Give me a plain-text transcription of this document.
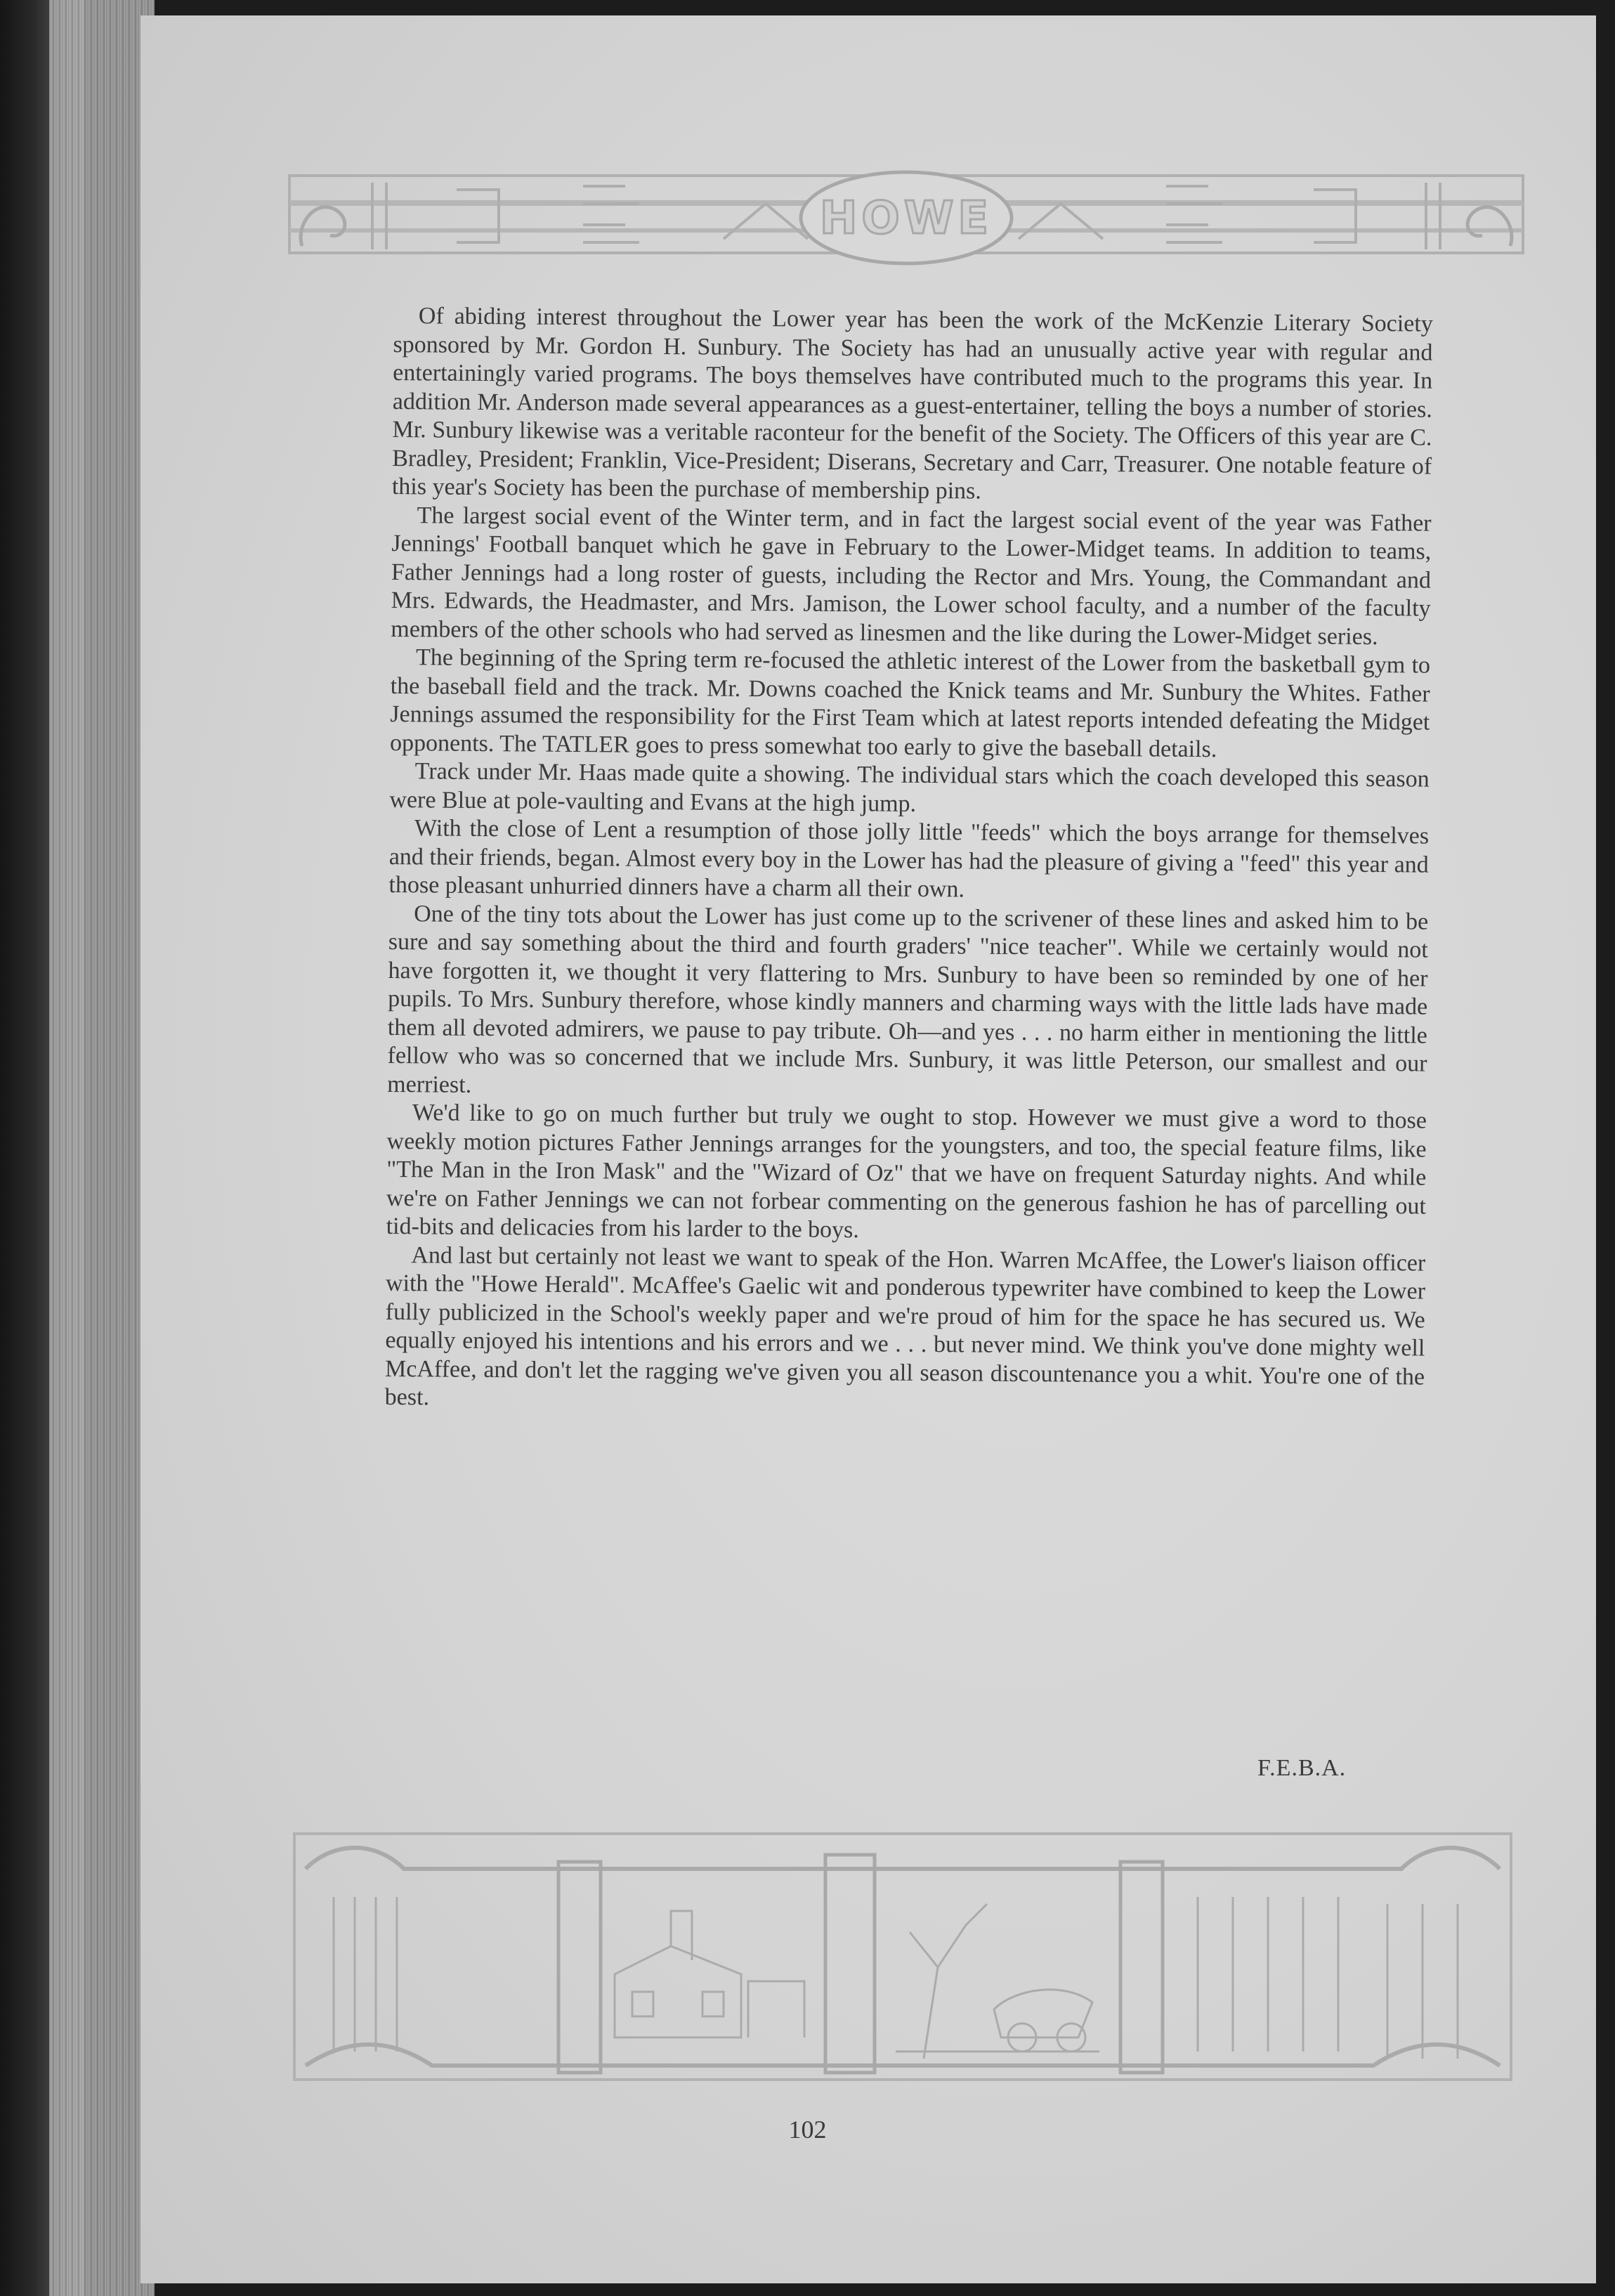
HOWE

Of abiding interest throughout the Lower year has been the work of the McKenzie Literary Society sponsored by Mr. Gordon H. Sunbury. The Society has had an unusually active year with regular and entertainingly varied programs. The boys themselves have contributed much to the programs this year. In addition Mr. Anderson made several appearances as a guest-entertainer, telling the boys a number of stories. Mr. Sunbury likewise was a veritable raconteur for the benefit of the Society. The Officers of this year are C. Bradley, President; Franklin, Vice-President; Diserans, Secretary and Carr, Treasurer. One notable feature of this year's Society has been the purchase of membership pins.

The largest social event of the Winter term, and in fact the largest social event of the year was Father Jennings' Football banquet which he gave in February to the Lower-Midget teams. In addition to teams, Father Jennings had a long roster of guests, including the Rector and Mrs. Young, the Commandant and Mrs. Edwards, the Headmaster, and Mrs. Jamison, the Lower school faculty, and a number of the faculty members of the other schools who had served as linesmen and the like during the Lower-Midget series.

The beginning of the Spring term re-focused the athletic interest of the Lower from the basketball gym to the baseball field and the track. Mr. Downs coached the Knick teams and Mr. Sunbury the Whites. Father Jennings assumed the responsibility for the First Team which at latest reports intended defeating the Midget opponents. The TATLER goes to press somewhat too early to give the baseball details.

Track under Mr. Haas made quite a showing. The individual stars which the coach developed this season were Blue at pole-vaulting and Evans at the high jump.

With the close of Lent a resumption of those jolly little "feeds" which the boys arrange for themselves and their friends, began. Almost every boy in the Lower has had the pleasure of giving a "feed" this year and those pleasant unhurried dinners have a charm all their own.

One of the tiny tots about the Lower has just come up to the scrivener of these lines and asked him to be sure and say something about the third and fourth graders' "nice teacher". While we certainly would not have forgotten it, we thought it very flattering to Mrs. Sunbury to have been so reminded by one of her pupils. To Mrs. Sunbury therefore, whose kindly manners and charming ways with the little lads have made them all devoted admirers, we pause to pay tribute. Oh—and yes . . . no harm either in mentioning the little fellow who was so concerned that we include Mrs. Sunbury, it was little Peterson, our smallest and our merriest.

We'd like to go on much further but truly we ought to stop. However we must give a word to those weekly motion pictures Father Jennings arranges for the youngsters, and too, the special feature films, like "The Man in the Iron Mask" and the "Wizard of Oz" that we have on frequent Saturday nights. And while we're on Father Jennings we can not forbear commenting on the generous fashion he has of parcelling out tid-bits and delicacies from his larder to the boys.

And last but certainly not least we want to speak of the Hon. Warren McAffee, the Lower's liaison officer with the "Howe Herald". McAffee's Gaelic wit and ponderous typewriter have combined to keep the Lower fully publicized in the School's weekly paper and we're proud of him for the space he has secured us. We equally enjoyed his intentions and his errors and we . . . but never mind. We think you've done mighty well McAffee, and don't let the ragging we've given you all season discountenance you a whit. You're one of the best.

F.E.B.A.
102
